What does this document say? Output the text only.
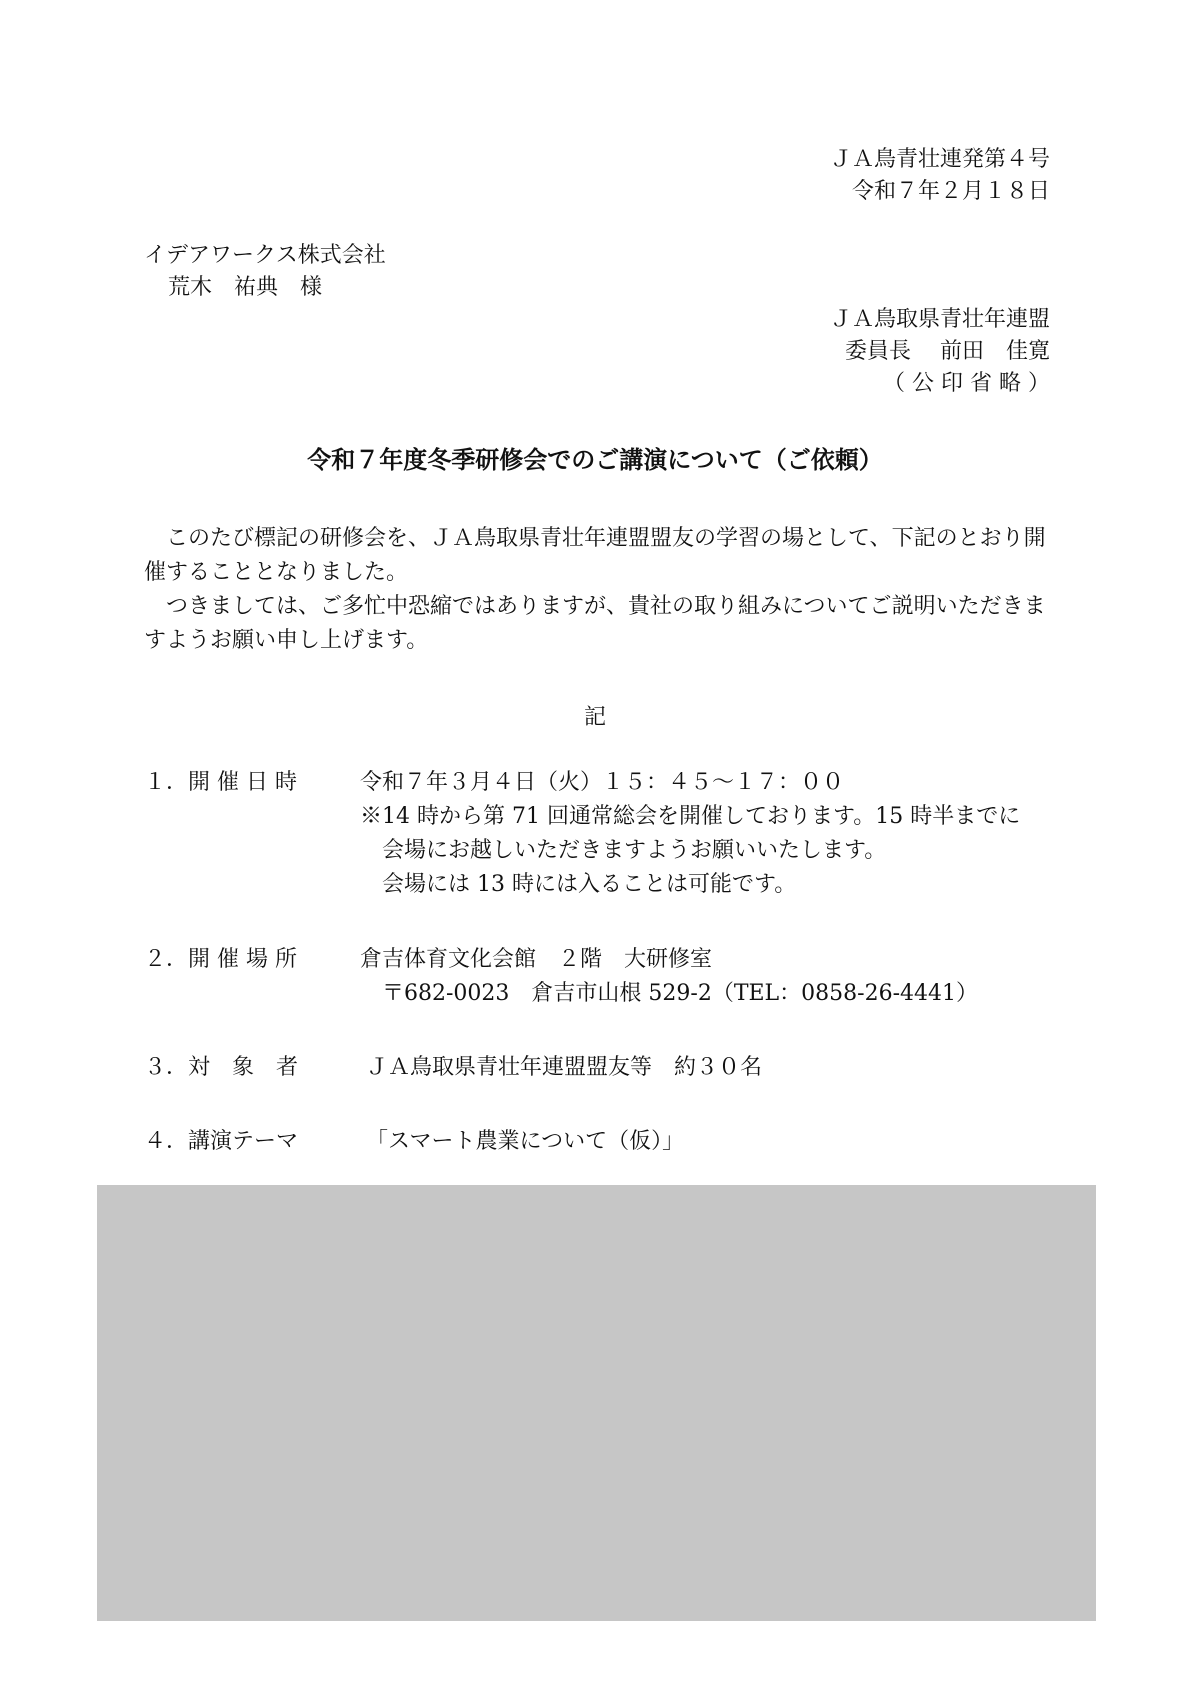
ＪＡ鳥青壮連発第４号
令和７年２月１８日
イデアワークス株式会社
荒木　祐典　様
ＪＡ鳥取県青壮年連盟
委員長　 前田　佳寛
（ 公 印 省 略 ）
令和７年度冬季研修会でのご講演について（ご依頼）
このたび標記の研修会を、ＪＡ鳥取県青壮年連盟盟友の学習の場として、下記のとおり開催することとなりました。
つきましては、ご多忙中恐縮ではありますが、貴社の取り組みについてご説明いただきますようお願い申し上げます。
記
１．開 催 日 時	令和７年３月４日（火）１５：４５～１７：００
※14 時から第 71 回通常総会を開催しております。15 時半までに
会場にお越しいただきますようお願いいたします。
会場には 13 時には入ることは可能です。
２．開 催 場 所	倉吉体育文化会館　２階　大研修室
〒682-0023　倉吉市山根 529-2（TEL：0858-26-4441）
３．対　象　者	ＪＡ鳥取県青壮年連盟盟友等　約３０名
４．講演テーマ	「スマート農業について（仮）」
